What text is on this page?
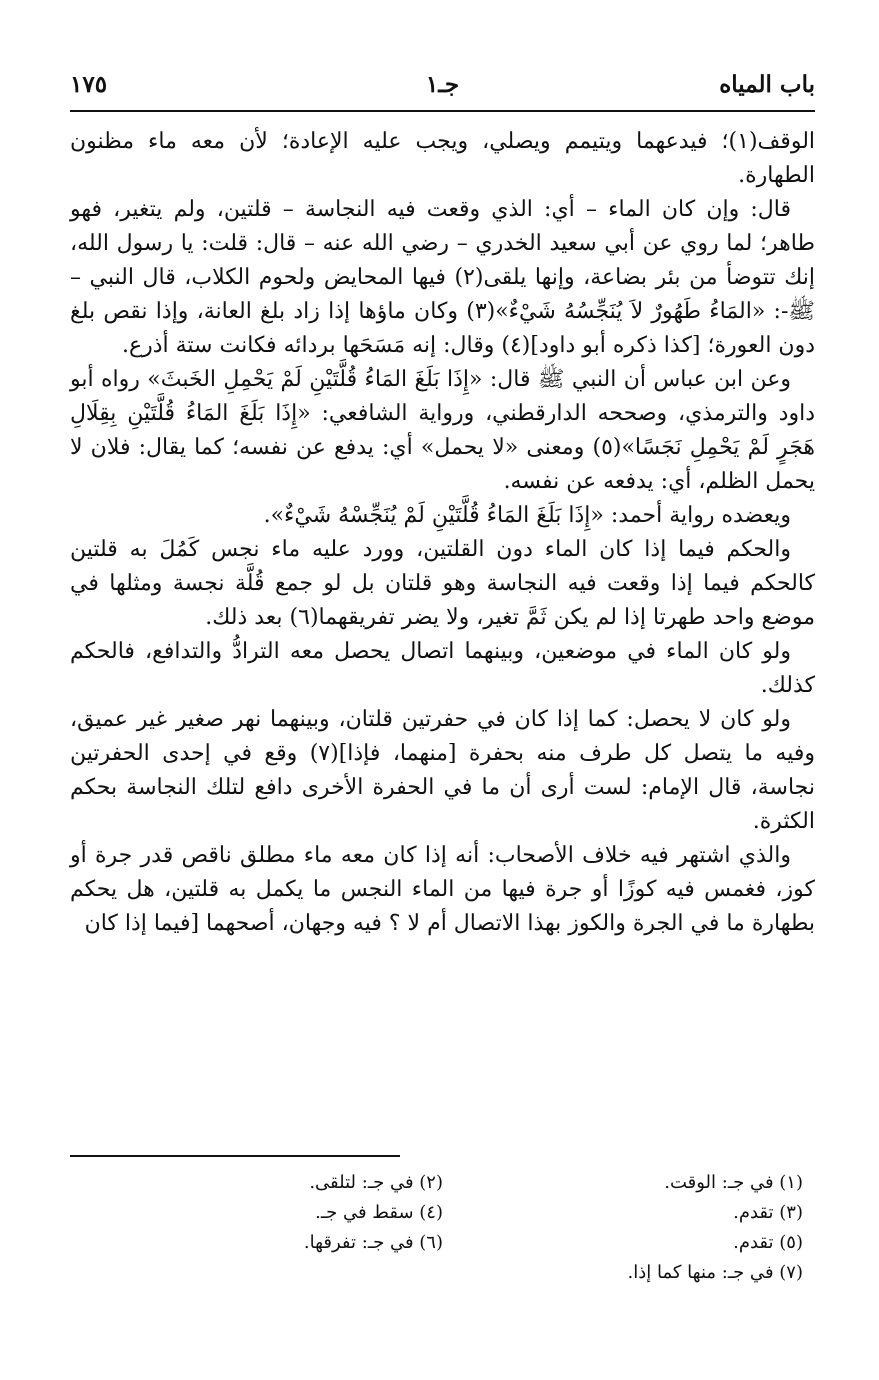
باب المياه
جـ١
١٧٥

الوقف(١)؛ فيدعهما ويتيمم ويصلي، ويجب عليه الإعادة؛ لأن معه ماء مظنون الطهارة.

قال: وإن كان الماء – أي: الذي وقعت فيه النجاسة – قلتين، ولم يتغير، فهو طاهر؛ لما روي عن أبي سعيد الخدري – رضي الله عنه – قال: قلت: يا رسول الله، إنك تتوضأ من بئر بضاعة، وإنها يلقى(٢) فيها المحايض ولحوم الكلاب، قال النبي – ﷺ-: «المَاءُ طَهُورٌ لاَ يُنَجِّسُهُ شَيْءٌ»(٣) وكان ماؤها إذا زاد بلغ العانة، وإذا نقص بلغ دون العورة؛ [كذا ذكره أبو داود](٤) وقال: إنه مَسَحَها بردائه فكانت ستة أذرع.

وعن ابن عباس أن النبي ﷺ قال: «إِذَا بَلَغَ المَاءُ قُلَّتَيْنِ لَمْ يَحْمِلِ الخَبثَ» رواه أبو داود والترمذي، وصححه الدارقطني، ورواية الشافعي: «إِذَا بَلَغَ المَاءُ قُلَّتَيْنِ بِقِلَالِ هَجَرٍ لَمْ يَحْمِلِ نَجَسًا»(٥) ومعنى «لا يحمل» أي: يدفع عن نفسه؛ كما يقال: فلان لا يحمل الظلم، أي: يدفعه عن نفسه.

ويعضده رواية أحمد: «إِذَا بَلَغَ المَاءُ قُلَّتَيْنِ لَمْ يُنَجِّسْهُ شَيْءٌ».

والحكم فيما إذا كان الماء دون القلتين، وورد عليه ماء نجس كَمُلَ به قلتين كالحكم فيما إذا وقعت فيه النجاسة وهو قلتان بل لو جمع قُلَّة نجسة ومثلها في موضع واحد طهرتا إذا لم يكن ثَمَّ تغير، ولا يضر تفريقهما(٦) بعد ذلك.

ولو كان الماء في موضعين، وبينهما اتصال يحصل معه الترادُّ والتدافع، فالحكم كذلك.

ولو كان لا يحصل: كما إذا كان في حفرتين قلتان، وبينهما نهر صغير غير عميق، وفيه ما يتصل كل طرف منه بحفرة [منهما، فإذا](٧) وقع في إحدى الحفرتين نجاسة، قال الإمام: لست أرى أن ما في الحفرة الأخرى دافع لتلك النجاسة بحكم الكثرة.

والذي اشتهر فيه خلاف الأصحاب: أنه إذا كان معه ماء مطلق ناقص قدر جرة أو كوز، فغمس فيه كوزًا أو جرة فيها من الماء النجس ما يكمل به قلتين، هل يحكم بطهارة ما في الجرة والكوز بهذا الاتصال أم لا ؟ فيه وجهان، أصحهما [فيما إذا كان

(١) في جـ: الوقت.
(٢) في جـ: لتلقى.
(٣) تقدم.
(٤) سقط في جـ.
(٥) تقدم.
(٦) في جـ: تفرقها.
(٧) في جـ: منها كما إذا.
